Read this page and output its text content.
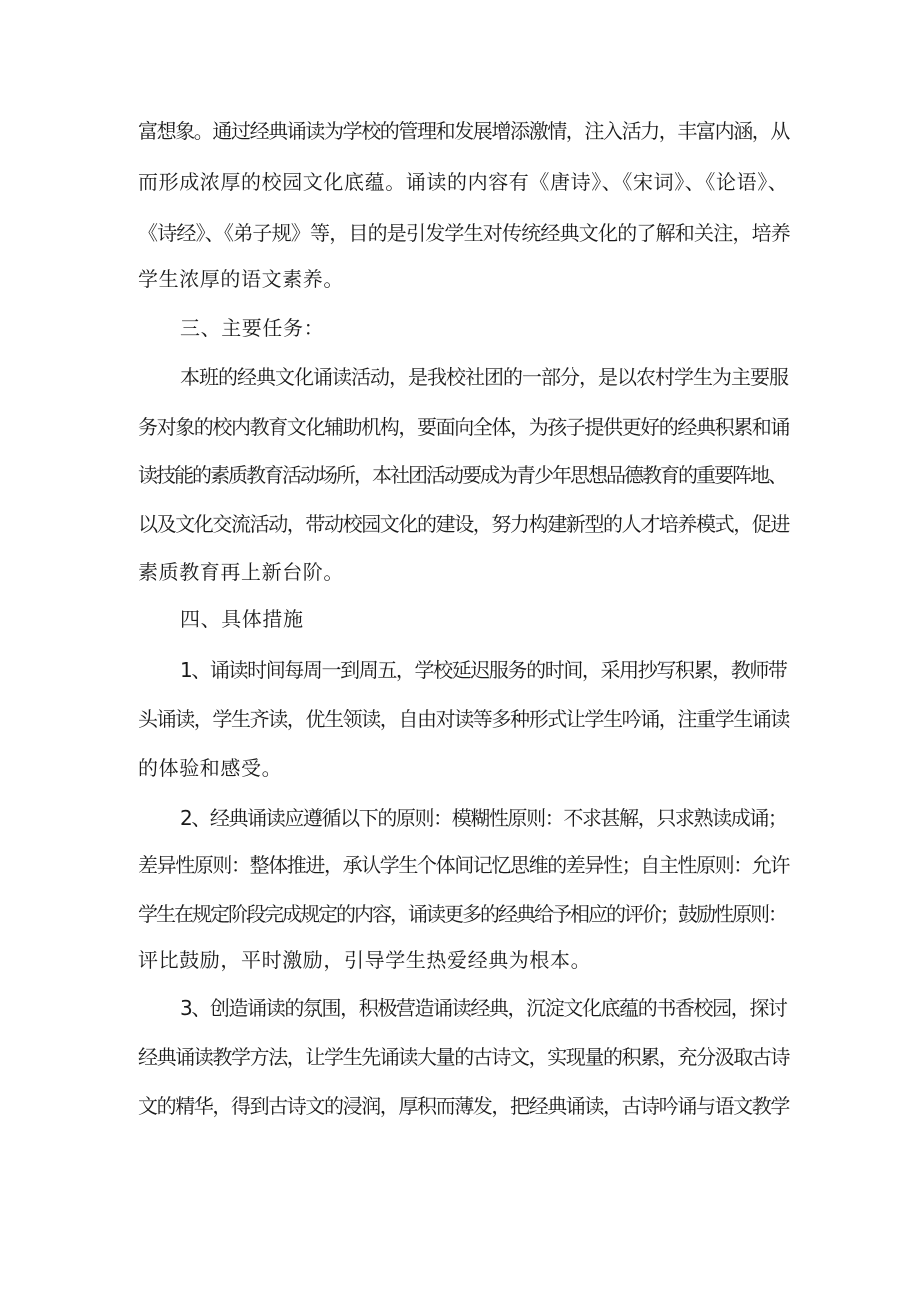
富想象。通过经典诵读为学校的管理和发展增添激情，注入活力，丰富内涵，从
而形成浓厚的校园文化底蕴。诵读的内容有《唐诗》、《宋词》、《论语》、
《诗经》、《弟子规》等，目的是引发学生对传统经典文化的了解和关注，培养
学生浓厚的语文素养。
三、主要任务：
本班的经典文化诵读活动，是我校社团的一部分，是以农村学生为主要服
务对象的校内教育文化辅助机构，要面向全体，为孩子提供更好的经典积累和诵
读技能的素质教育活动场所，本社团活动要成为青少年思想品德教育的重要阵地、
以及文化交流活动，带动校园文化的建设，努力构建新型的人才培养模式，促进
素质教育再上新台阶。
四、具体措施
1、诵读时间每周一到周五，学校延迟服务的时间，采用抄写积累，教师带
头诵读，学生齐读，优生领读，自由对读等多种形式让学生吟诵，注重学生诵读
的体验和感受。
2、经典诵读应遵循以下的原则：模糊性原则：不求甚解，只求熟读成诵；
差异性原则：整体推进，承认学生个体间记忆思维的差异性；自主性原则：允许
学生在规定阶段完成规定的内容，诵读更多的经典给予相应的评价；鼓励性原则：
评比鼓励，平时激励，引导学生热爱经典为根本。
3、创造诵读的氛围，积极营造诵读经典，沉淀文化底蕴的书香校园，探讨
经典诵读教学方法，让学生先诵读大量的古诗文，实现量的积累，充分汲取古诗
文的精华，得到古诗文的浸润，厚积而薄发，把经典诵读，古诗吟诵与语文教学
